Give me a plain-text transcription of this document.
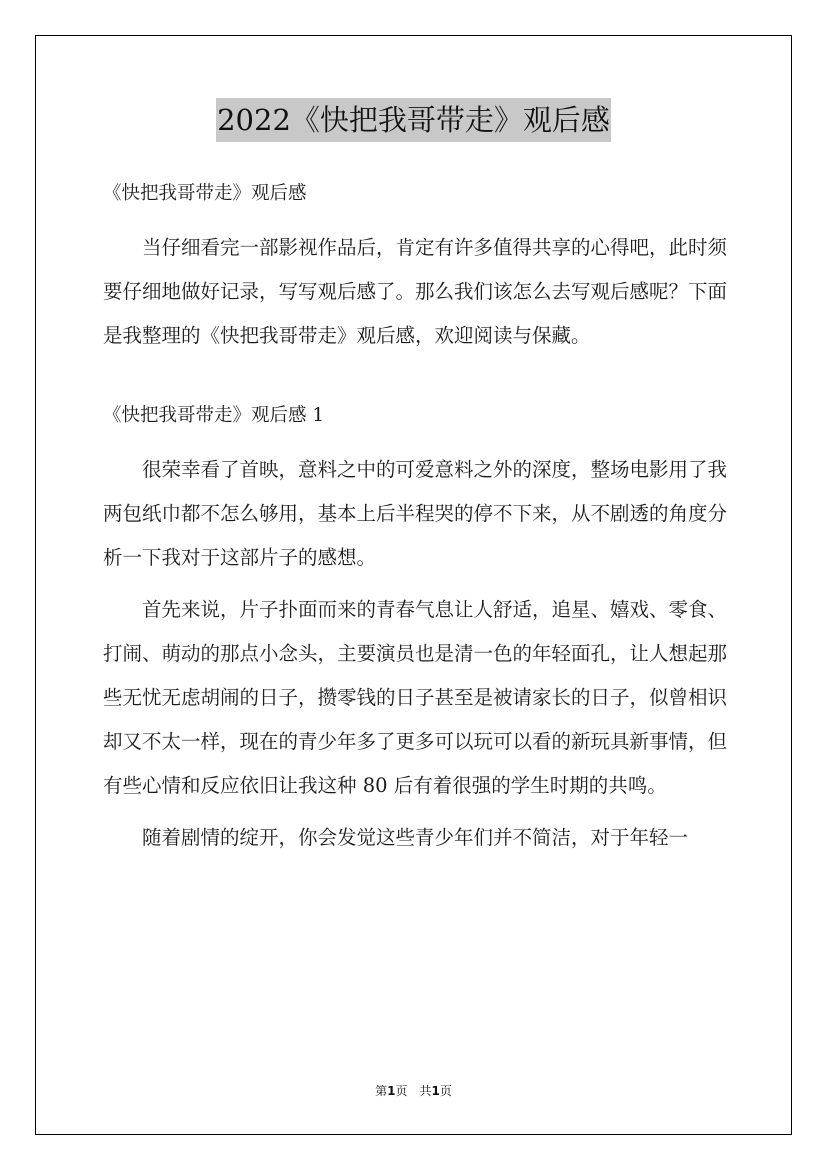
2022《快把我哥带走》观后感

《快把我哥带走》观后感

当仔细看完一部影视作品后，肯定有许多值得共享的心得吧，此时须要仔细地做好记录，写写观后感了。那么我们该怎么去写观后感呢？下面是我整理的《快把我哥带走》观后感，欢迎阅读与保藏。

《快把我哥带走》观后感 1

很荣幸看了首映，意料之中的可爱意料之外的深度，整场电影用了我两包纸巾都不怎么够用，基本上后半程哭的停不下来，从不剧透的角度分析一下我对于这部片子的感想。

首先来说，片子扑面而来的青春气息让人舒适，追星、嬉戏、零食、打闹、萌动的那点小念头，主要演员也是清一色的年轻面孔，让人想起那些无忧无虑胡闹的日子，攒零钱的日子甚至是被请家长的日子，似曾相识却又不太一样，现在的青少年多了更多可以玩可以看的新玩具新事情，但有些心情和反应依旧让我这种 80 后有着很强的学生时期的共鸣。

随着剧情的绽开，你会发觉这些青少年们并不简洁，对于年轻一

第1页　共1页
